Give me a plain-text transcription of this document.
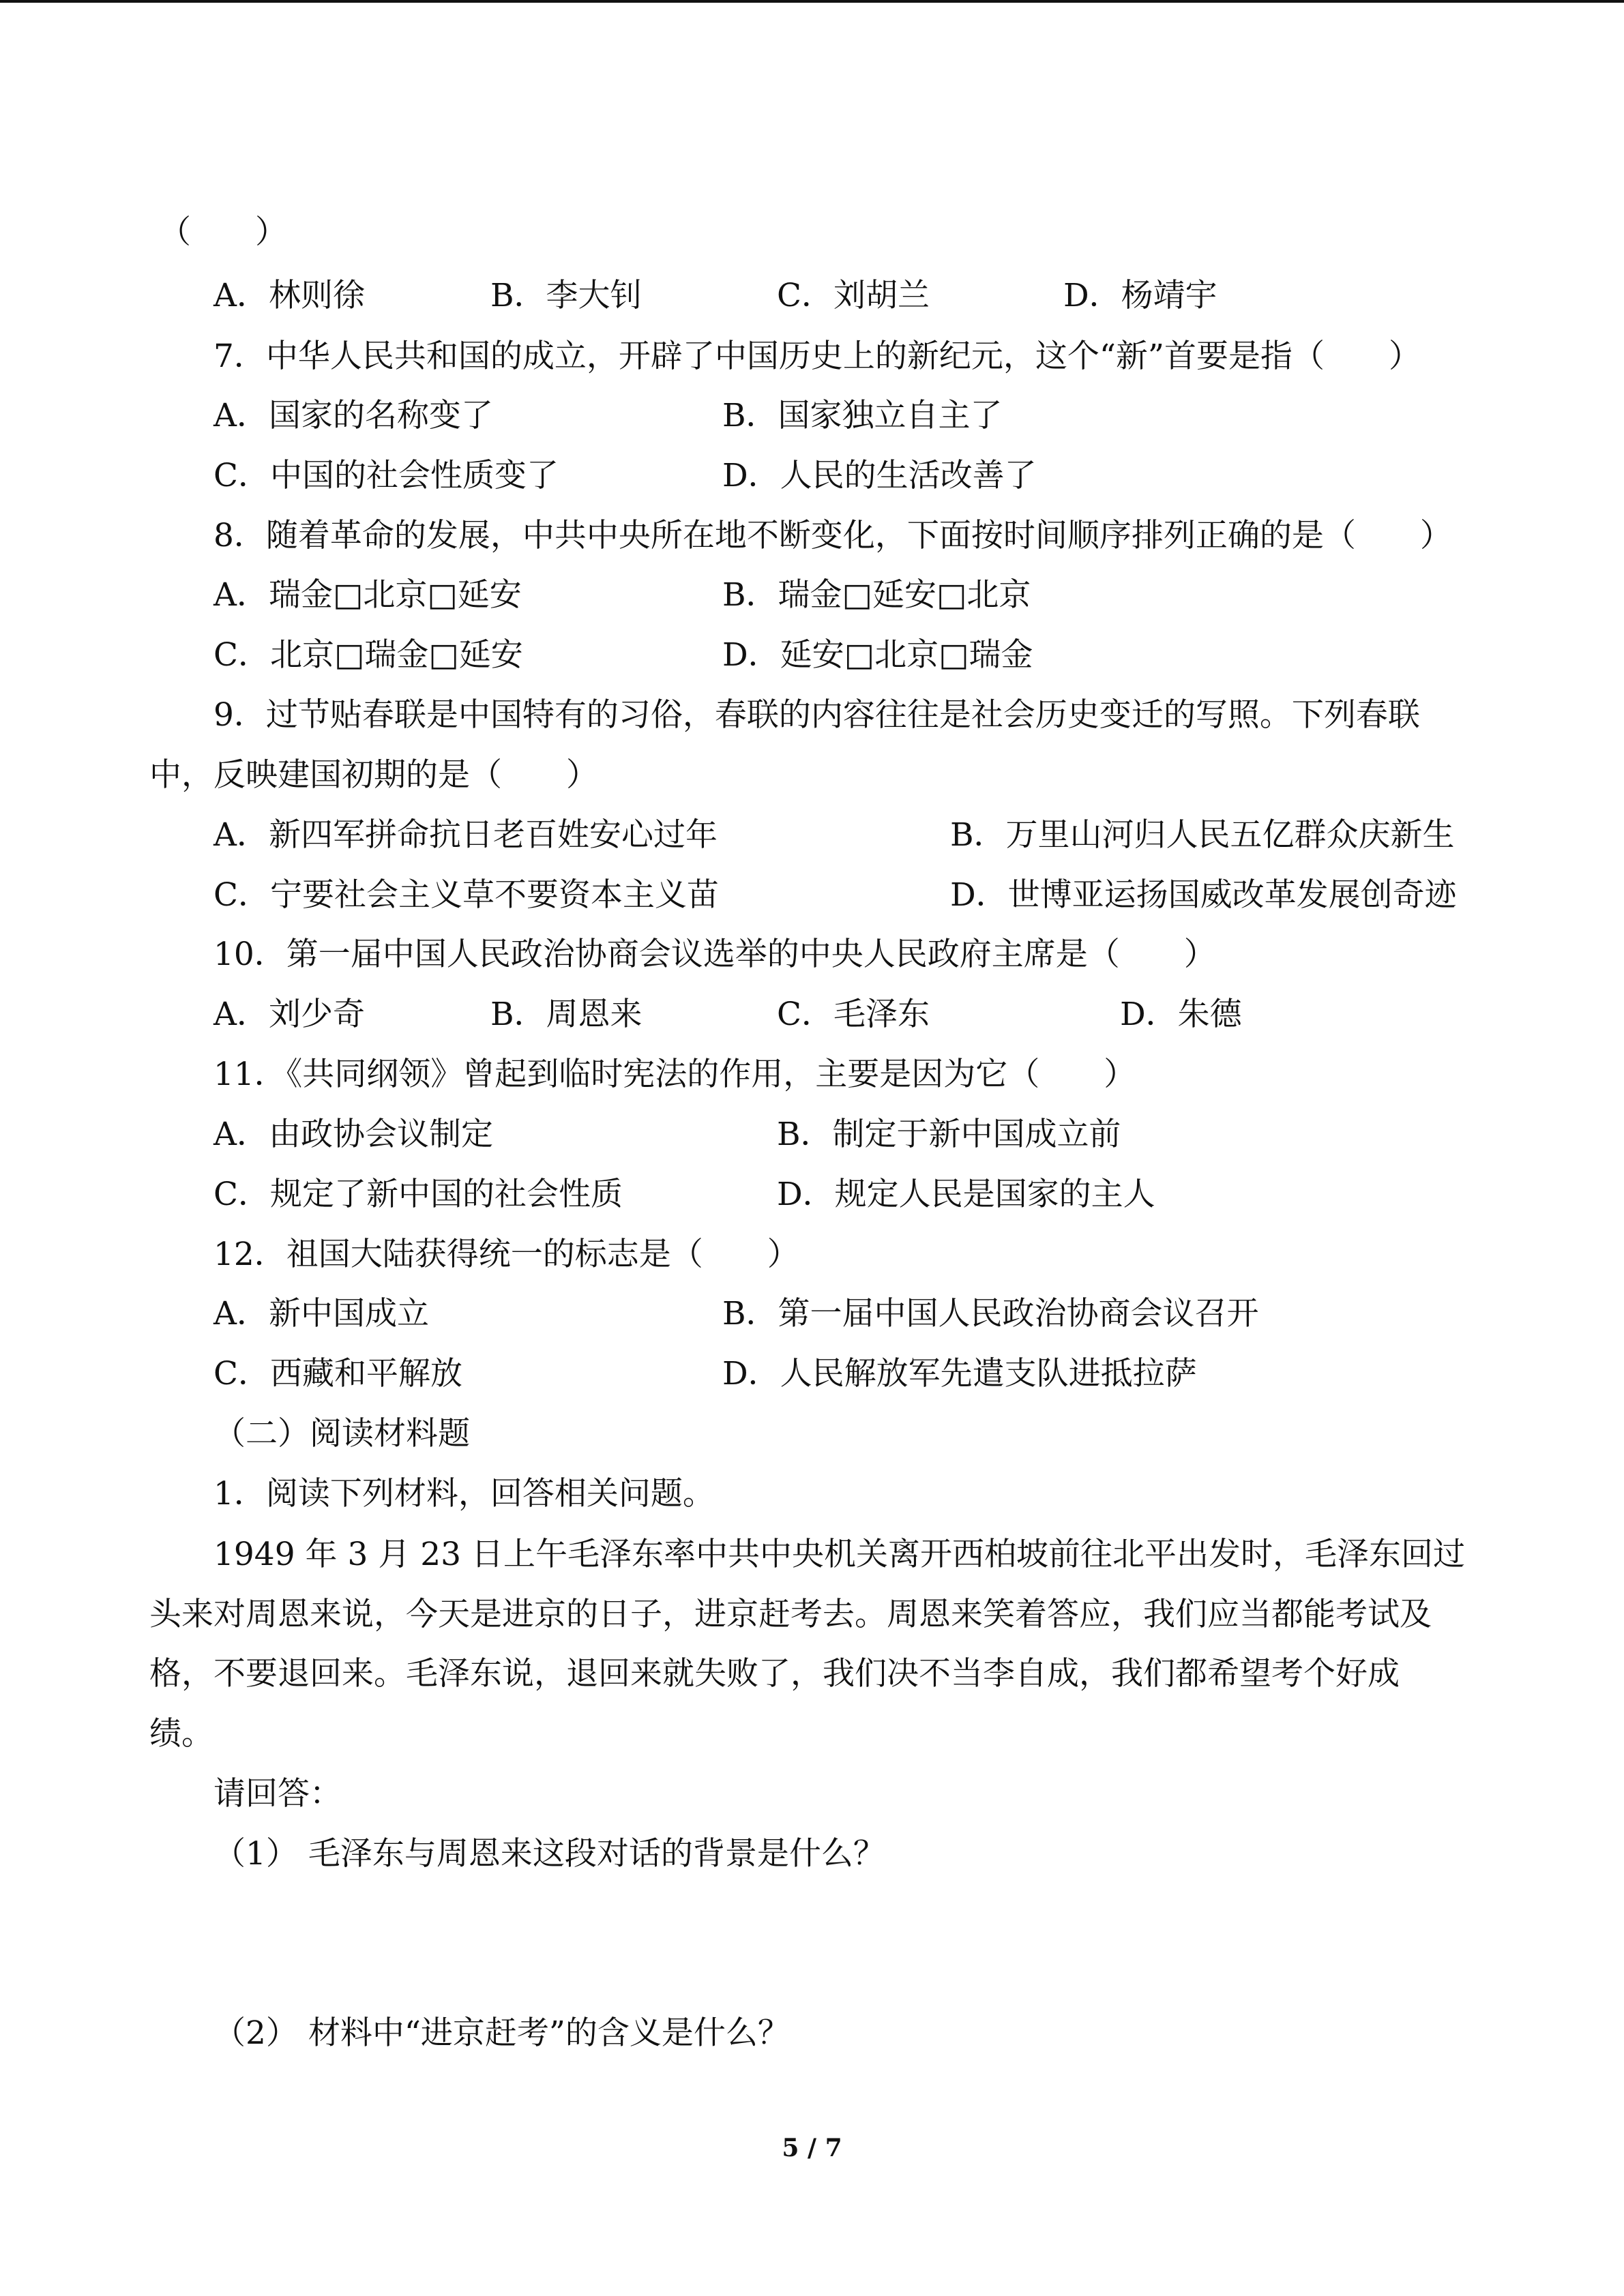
（　　）
A．林则徐	B．李大钊	C．刘胡兰	D．杨靖宇
7．中华人民共和国的成立，开辟了中国历史上的新纪元，这个“新”首要是指（　　）
A．国家的名称变了	B．国家独立自主了
C．中国的社会性质变了	D．人民的生活改善了
8．随着革命的发展，中共中央所在地不断变化，下面按时间顺序排列正确的是（　　）
A．瑞金□北京□延安	B．瑞金□延安□北京
C．北京□瑞金□延安	D．延安□北京□瑞金
9．过节贴春联是中国特有的习俗，春联的内容往往是社会历史变迁的写照。下列春联
中，反映建国初期的是（　　）
A．新四军拼命抗日老百姓安心过年	B．万里山河归人民五亿群众庆新生
C．宁要社会主义草不要资本主义苗	D．世博亚运扬国威改革发展创奇迹
10．第一届中国人民政治协商会议选举的中央人民政府主席是（　　）
A．刘少奇	B．周恩来	C．毛泽东	D．朱德
11．《共同纲领》曾起到临时宪法的作用，主要是因为它（　　）
A．由政协会议制定	B．制定于新中国成立前
C．规定了新中国的社会性质	D．规定人民是国家的主人
12．祖国大陆获得统一的标志是（　　）
A．新中国成立	B．第一届中国人民政治协商会议召开
C．西藏和平解放	D．人民解放军先遣支队进抵拉萨
（二）阅读材料题
1．阅读下列材料，回答相关问题。
1949 年 3 月 23 日上午毛泽东率中共中央机关离开西柏坡前往北平出发时，毛泽东回过
头来对周恩来说，今天是进京的日子，进京赶考去。周恩来笑着答应，我们应当都能考试及
格，不要退回来。毛泽东说，退回来就失败了，我们决不当李自成，我们都希望考个好成
绩。
请回答：
（1） 毛泽东与周恩来这段对话的背景是什么？
（2） 材料中“进京赶考”的含义是什么？
5 / 7
